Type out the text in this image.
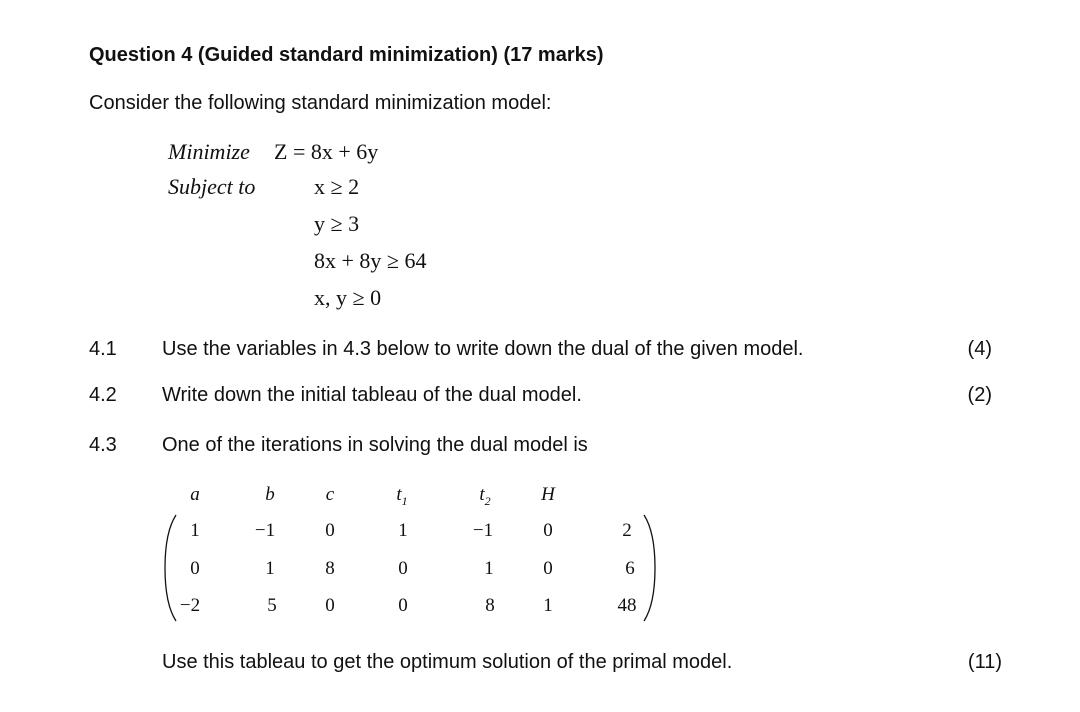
Question 4 (Guided standard minimization) (17 marks)
Consider the following standard minimization model:
Minimize Z = 8x + 6y
Subject to	x ≥ 2
y ≥ 3
8x + 8y ≥ 64
x, y ≥ 0
4.1 Use the variables in 4.3 below to write down the dual of the given model.	(4)
4.2 Write down the initial tableau of the dual model.	(2)
4.3 One of the iterations in solving the dual model is
a	b	c	$t_1$	$t_2$	H
1	−1	0	1	−1	0	2
0	1	8	0	1	0	6
−2	5	0	0	8	1	48
Use this tableau to get the optimum solution of the primal model.	(11)
